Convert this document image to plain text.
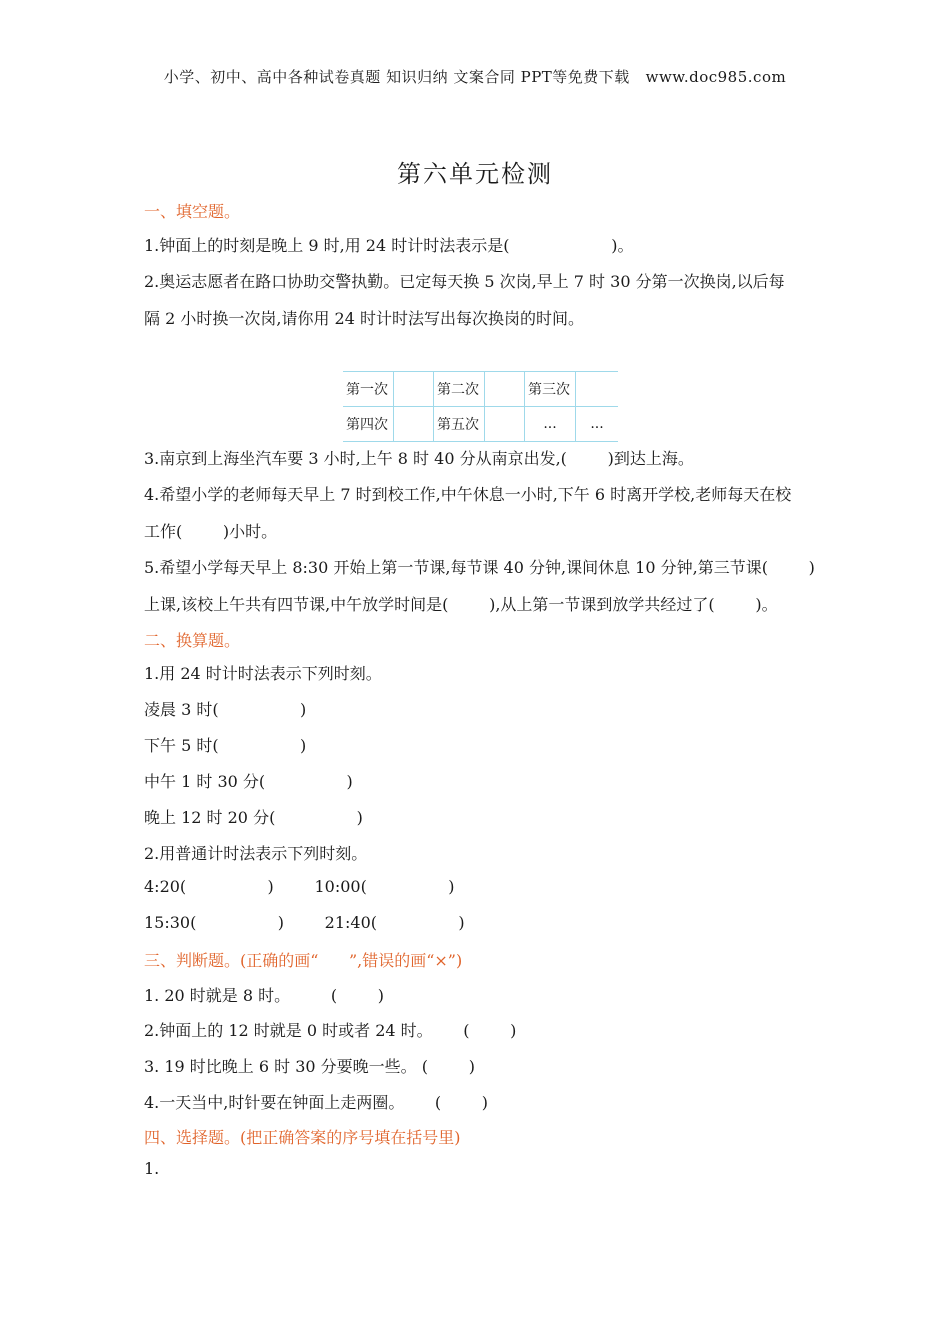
小学、初中、高中各种试卷真题 知识归纳 文案合同 PPT等免费下载   www.doc985.com
第六单元检测
一、填空题。
1.钟面上的时刻是晚上 9 时,用 24 时计时法表示是(                    )。
2.奥运志愿者在路口协助交警执勤。已定每天换 5 次岗,早上 7 时 30 分第一次换岗,以后每
隔 2 小时换一次岗,请你用 24 时计时法写出每次换岗的时间。
第一次		第二次		第三次	
第四次		第五次		...	...
3.南京到上海坐汽车要 3 小时,上午 8 时 40 分从南京出发,(        )到达上海。
4.希望小学的老师每天早上 7 时到校工作,中午休息一小时,下午 6 时离开学校,老师每天在校
工作(        )小时。
5.希望小学每天早上 8:30 开始上第一节课,每节课 40 分钟,课间休息 10 分钟,第三节课(        )
上课,该校上午共有四节课,中午放学时间是(        ),从上第一节课到放学共经过了(        )。
二、换算题。
1.用 24 时计时法表示下列时刻。
凌晨 3 时(                )
下午 5 时(                )
中午 1 时 30 分(                )
晚上 12 时 20 分(                )
2.用普通计时法表示下列时刻。
4:20(                )        10:00(                )
15:30(                )        21:40(                )
三、判断题。(正确的画“      ”,错误的画“×”)
1. 20 时就是 8 时。        (        )
2.钟面上的 12 时就是 0 时或者 24 时。      (        )
3. 19 时比晚上 6 时 30 分要晚一些。 (        )
4.一天当中,时针要在钟面上走两圈。      (        )
四、选择题。(把正确答案的序号填在括号里)
1.
